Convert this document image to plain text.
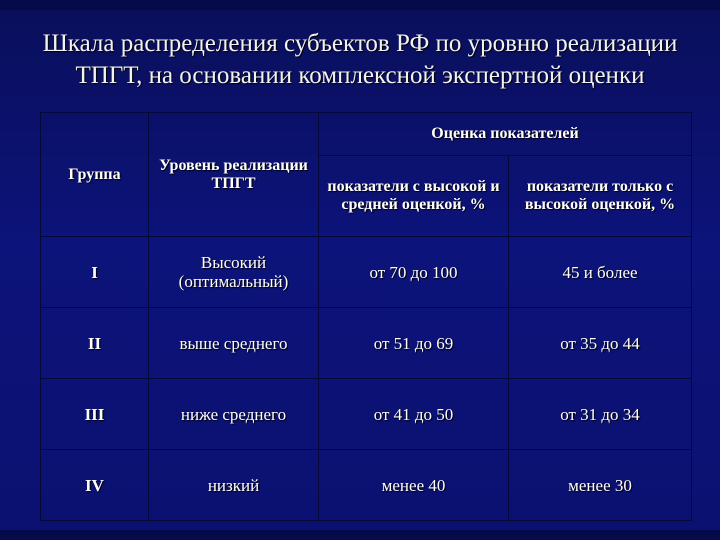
Шкала распределения субъектов РФ по уровню реализации ТПГТ, на основании комплексной экспертной оценки
Группа	Уровень реализации ТПГТ	Оценка показателей	
		показатели с высокой и средней оценкой, %	показатели только с высокой оценкой, %
I	Высокий (оптимальный)	от 70 до 100	45 и более
II	выше среднего	от 51 до 69	от 35 до 44
III	ниже среднего	от 41 до 50	от 31 до 34
IV	низкий	менее 40	менее 30
